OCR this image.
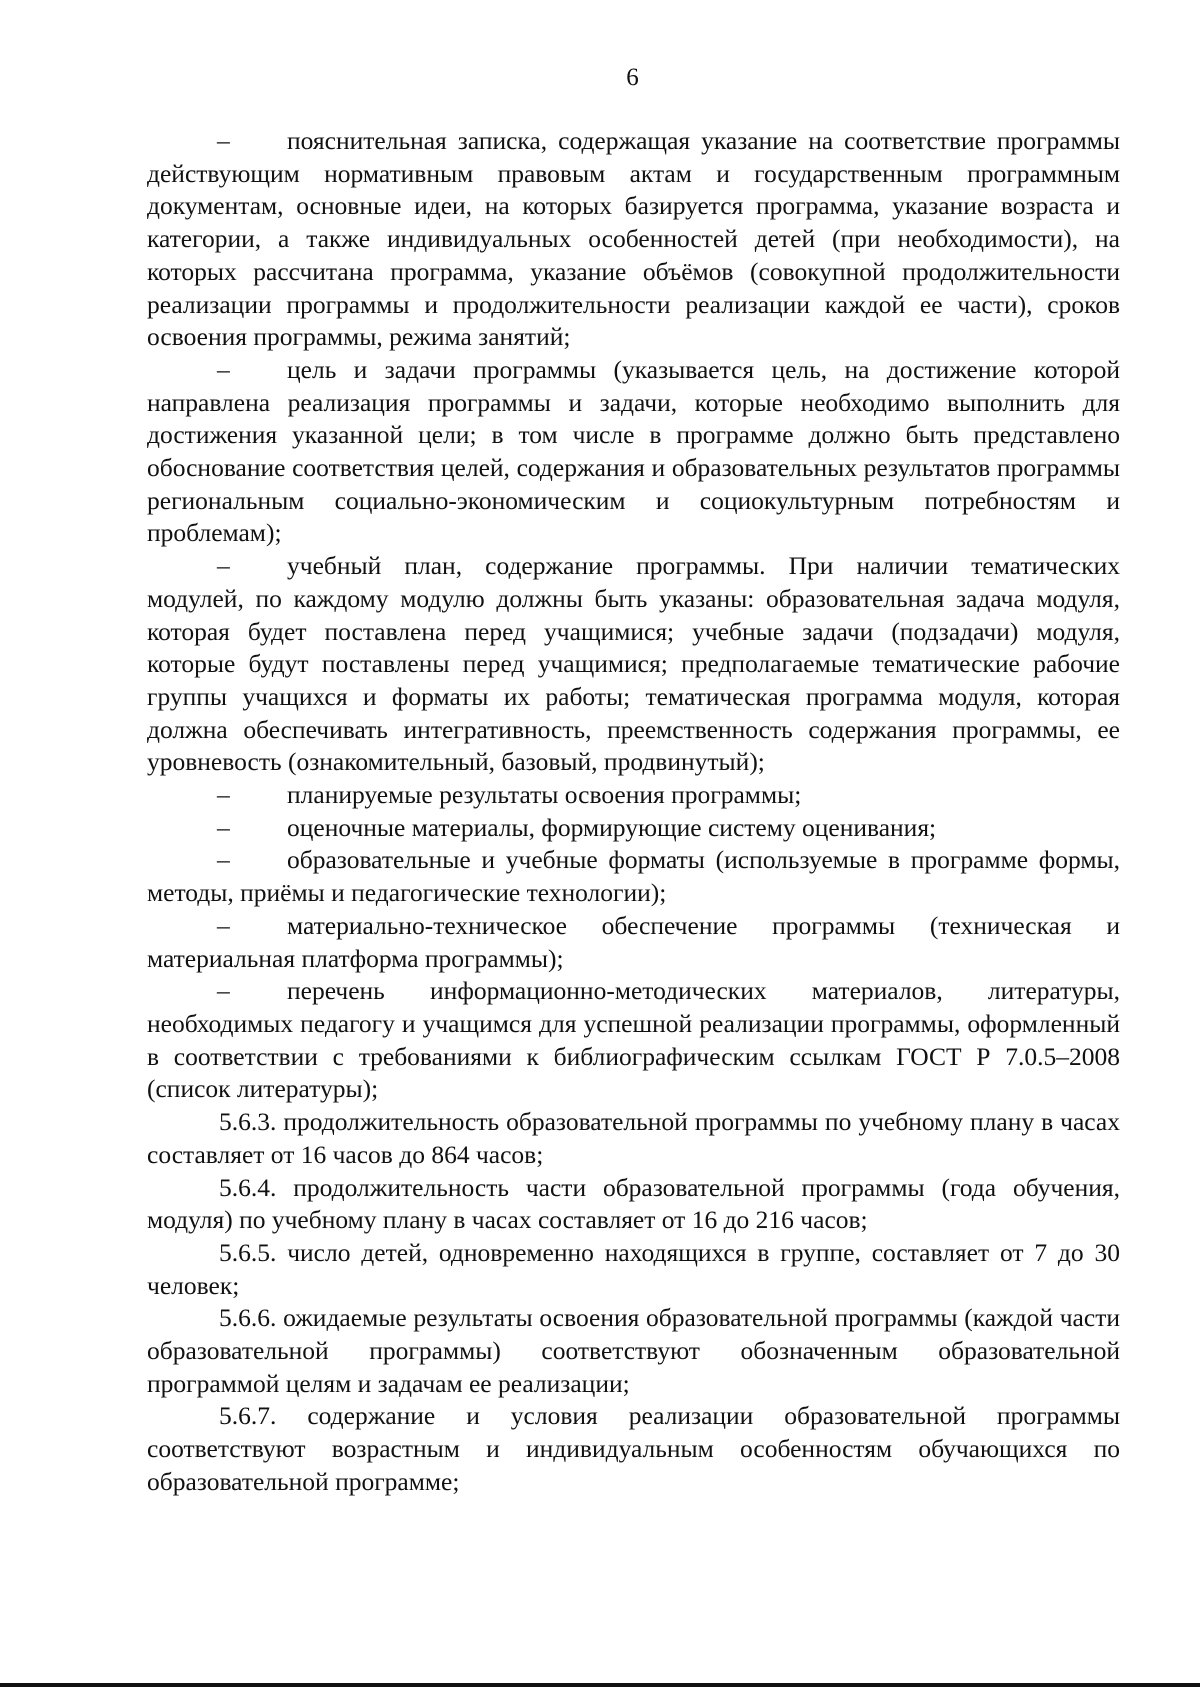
6

– пояснительная записка, содержащая указание на соответствие программы действующим нормативным правовым актам и государственным программным документам, основные идеи, на которых базируется программа, указание возраста и категории, а также индивидуальных особенностей детей (при необходимости), на которых рассчитана программа, указание объёмов (совокупной продолжительности реализации программы и продолжительности реализации каждой ее части), сроков освоения программы, режима занятий;

– цель и задачи программы (указывается цель, на достижение которой направлена реализация программы и задачи, которые необходимо выполнить для достижения указанной цели; в том числе в программе должно быть представлено обоснование соответствия целей, содержания и образовательных результатов программы региональным социально-экономическим и социокультурным потребностям и проблемам);

– учебный план, содержание программы. При наличии тематических модулей, по каждому модулю должны быть указаны: образовательная задача модуля, которая будет поставлена перед учащимися; учебные задачи (подзадачи) модуля, которые будут поставлены перед учащимися; предполагаемые тематические рабочие группы учащихся и форматы их работы; тематическая программа модуля, которая должна обеспечивать интегративность, преемственность содержания программы, ее уровневость (ознакомительный, базовый, продвинутый);

– планируемые результаты освоения программы;

– оценочные материалы, формирующие систему оценивания;

– образовательные и учебные форматы (используемые в программе формы, методы, приёмы и педагогические технологии);

– материально-техническое обеспечение программы (техническая и материальная платформа программы);

– перечень информационно-методических материалов, литературы, необходимых педагогу и учащимся для успешной реализации программы, оформленный в соответствии с требованиями к библиографическим ссылкам ГОСТ Р 7.0.5–2008 (список литературы);

5.6.3. продолжительность образовательной программы по учебному плану в часах составляет от 16 часов до 864 часов;

5.6.4. продолжительность части образовательной программы (года обучения, модуля) по учебному плану в часах составляет от 16 до 216 часов;

5.6.5. число детей, одновременно находящихся в группе, составляет от 7 до 30 человек;

5.6.6. ожидаемые результаты освоения образовательной программы (каждой части образовательной программы) соответствуют обозначенным образовательной программой целям и задачам ее реализации;

5.6.7. содержание и условия реализации образовательной программы соответствуют возрастным и индивидуальным особенностям обучающихся по образовательной программе;
